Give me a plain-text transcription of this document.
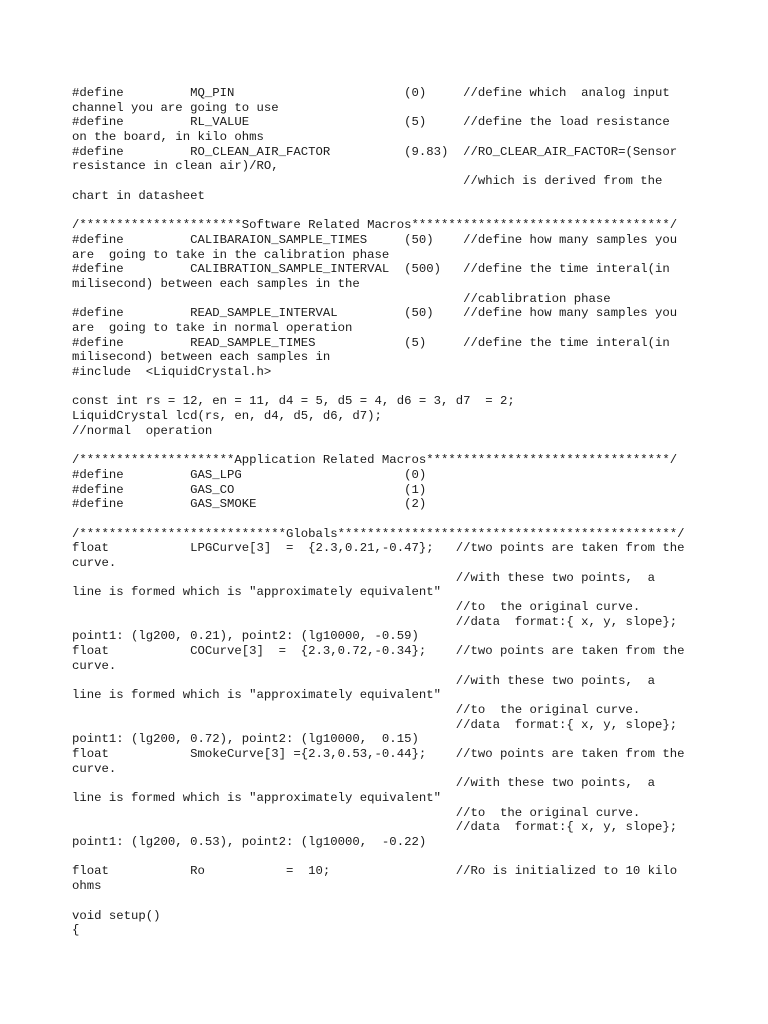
#define         MQ_PIN                       (0)     //define which  analog input
channel you are going to use
#define         RL_VALUE                     (5)     //define the load resistance
on the board, in kilo ohms
#define         RO_CLEAN_AIR_FACTOR          (9.83)  //RO_CLEAR_AIR_FACTOR=(Sensor
resistance in clean air)/RO,
//which is derived from the
chart in datasheet
/**********************Software Related Macros***********************************/
#define         CALIBARAION_SAMPLE_TIMES     (50)    //define how many samples you
are  going to take in the calibration phase
#define         CALIBRATION_SAMPLE_INTERVAL  (500)   //define the time interal(in
milisecond) between each samples in the
//cablibration phase
#define         READ_SAMPLE_INTERVAL         (50)    //define how many samples you
are  going to take in normal operation
#define         READ_SAMPLE_TIMES            (5)     //define the time interal(in
milisecond) between each samples in
#include  <LiquidCrystal.h>
const int rs = 12, en = 11, d4 = 5, d5 = 4, d6 = 3, d7  = 2;
LiquidCrystal lcd(rs, en, d4, d5, d6, d7);
//normal  operation
/*********************Application Related Macros*********************************/
#define         GAS_LPG                      (0)
#define         GAS_CO                       (1)
#define         GAS_SMOKE                    (2)
/****************************Globals**********************************************/
float           LPGCurve[3]  =  {2.3,0.21,-0.47};   //two points are taken from the
curve.
//with these two points,  a
line is formed which is "approximately equivalent"
//to  the original curve.
//data  format:{ x, y, slope};
point1: (lg200, 0.21), point2: (lg10000, -0.59)
float           COCurve[3]  =  {2.3,0.72,-0.34};    //two points are taken from the
curve.
//with these two points,  a
line is formed which is "approximately equivalent"
//to  the original curve.
//data  format:{ x, y, slope};
point1: (lg200, 0.72), point2: (lg10000,  0.15)
float           SmokeCurve[3] ={2.3,0.53,-0.44};    //two points are taken from the
curve.
//with these two points,  a
line is formed which is "approximately equivalent"
//to  the original curve.
//data  format:{ x, y, slope};
point1: (lg200, 0.53), point2: (lg10000,  -0.22)
float           Ro           =  10;                 //Ro is initialized to 10 kilo
ohms
void setup()
{
